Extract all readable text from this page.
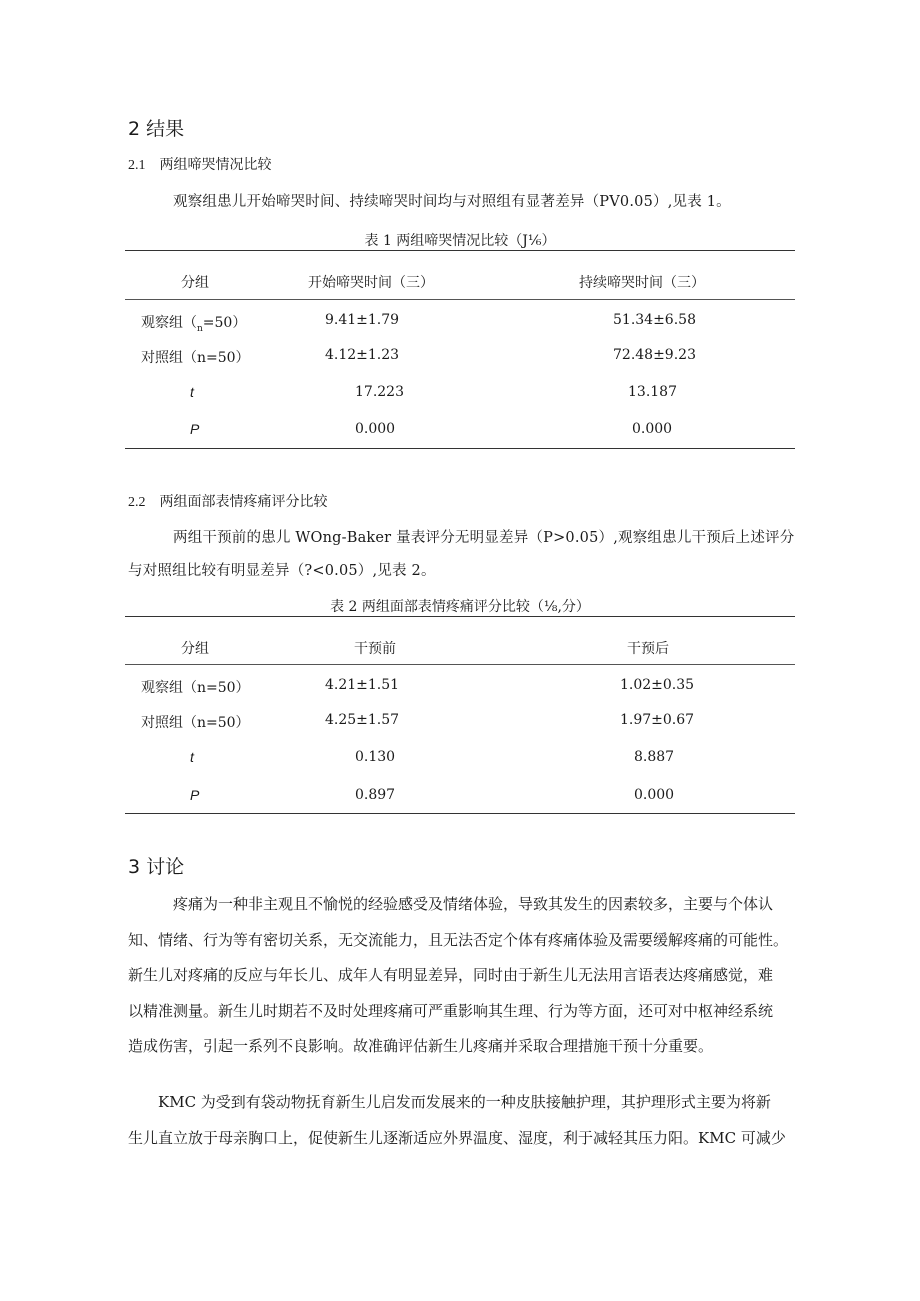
2 结果
2.1 两组啼哭情况比较
观察组患儿开始啼哭时间、持续啼哭时间均与对照组有显著差异（PV0.05）,见表 1。
表 1 两组啼哭情况比较（J⅙）
分组	开始啼哭时间（三）	持续啼哭时间（三）
观察组$(_n=50)$	9.41±1.79	51.34±6.58
对照组（n=50）	4.12±1.23	72.48±9.23
t	17.223	13.187
P	0.000	0.000
2.2 两组面部表情疼痛评分比较
两组干预前的患儿 WOng-Baker 量表评分无明显差异（P>0.05）,观察组患儿干预后上述评分
与对照组比较有明显差异（?<0.05）,见表 2。
表 2 两组面部表情疼痛评分比较（⅛,分）
分组	干预前	干预后
观察组（n=50）	4.21±1.51	1.02±0.35
对照组（n=50）	4.25±1.57	1.97±0.67
t	0.130	8.887
P	0.897	0.000
3 讨论
疼痛为一种非主观且不愉悦的经验感受及情绪体验，导致其发生的因素较多，主要与个体认
知、情绪、行为等有密切关系，无交流能力，且无法否定个体有疼痛体验及需要缓解疼痛的可能性。
新生儿对疼痛的反应与年长儿、成年人有明显差异，同时由于新生儿无法用言语表达疼痛感觉，难
以精准测量。新生儿时期若不及时处理疼痛可严重影响其生理、行为等方面，还可对中枢神经系统
造成伤害，引起一系列不良影响。故准确评估新生儿疼痛并采取合理措施干预十分重要。
KMC 为受到有袋动物抚育新生儿启发而发展来的一种皮肤接触护理，其护理形式主要为将新
生儿直立放于母亲胸口上，促使新生儿逐渐适应外界温度、湿度，利于减轻其压力阳。KMC 可减少
